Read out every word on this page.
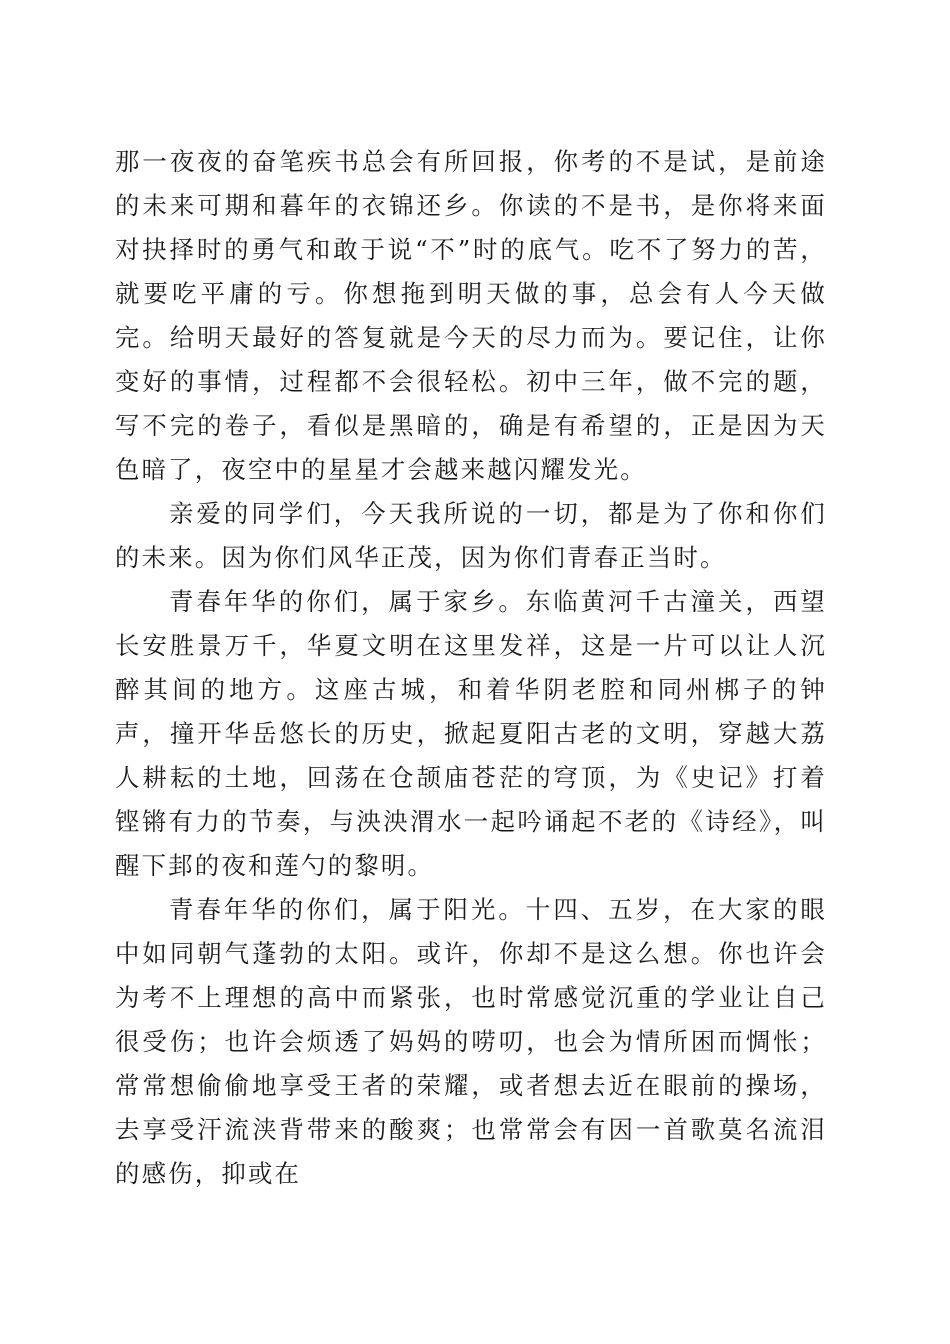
那一夜夜的奋笔疾书总会有所回报，你考的不是试，是前途的未来可期和暮年的衣锦还乡。你读的不是书，是你将来面对抉择时的勇气和敢于说“不”时的底气。吃不了努力的苦，就要吃平庸的亏。你想拖到明天做的事，总会有人今天做完。给明天最好的答复就是今天的尽力而为。要记住，让你变好的事情，过程都不会很轻松。初中三年，做不完的题，写不完的卷子，看似是黑暗的，确是有希望的，正是因为天色暗了，夜空中的星星才会越来越闪耀发光。

亲爱的同学们，今天我所说的一切，都是为了你和你们的未来。因为你们风华正茂，因为你们青春正当时。

青春年华的你们，属于家乡。东临黄河千古潼关，西望长安胜景万千，华夏文明在这里发祥，这是一片可以让人沉醉其间的地方。这座古城，和着华阴老腔和同州梆子的钟声，撞开华岳悠长的历史，掀起夏阳古老的文明，穿越大荔人耕耘的土地，回荡在仓颉庙苍茫的穹顶，为《史记》打着铿锵有力的节奏，与泱泱渭水一起吟诵起不老的《诗经》，叫醒下邽的夜和莲勺的黎明。

青春年华的你们，属于阳光。十四、五岁，在大家的眼中如同朝气蓬勃的太阳。或许，你却不是这么想。你也许会为考不上理想的高中而紧张，也时常感觉沉重的学业让自己很受伤；也许会烦透了妈妈的唠叨，也会为情所困而惆怅；常常想偷偷地享受王者的荣耀，或者想去近在眼前的操场，去享受汗流浃背带来的酸爽；也常常会有因一首歌莫名流泪的感伤，抑或在
